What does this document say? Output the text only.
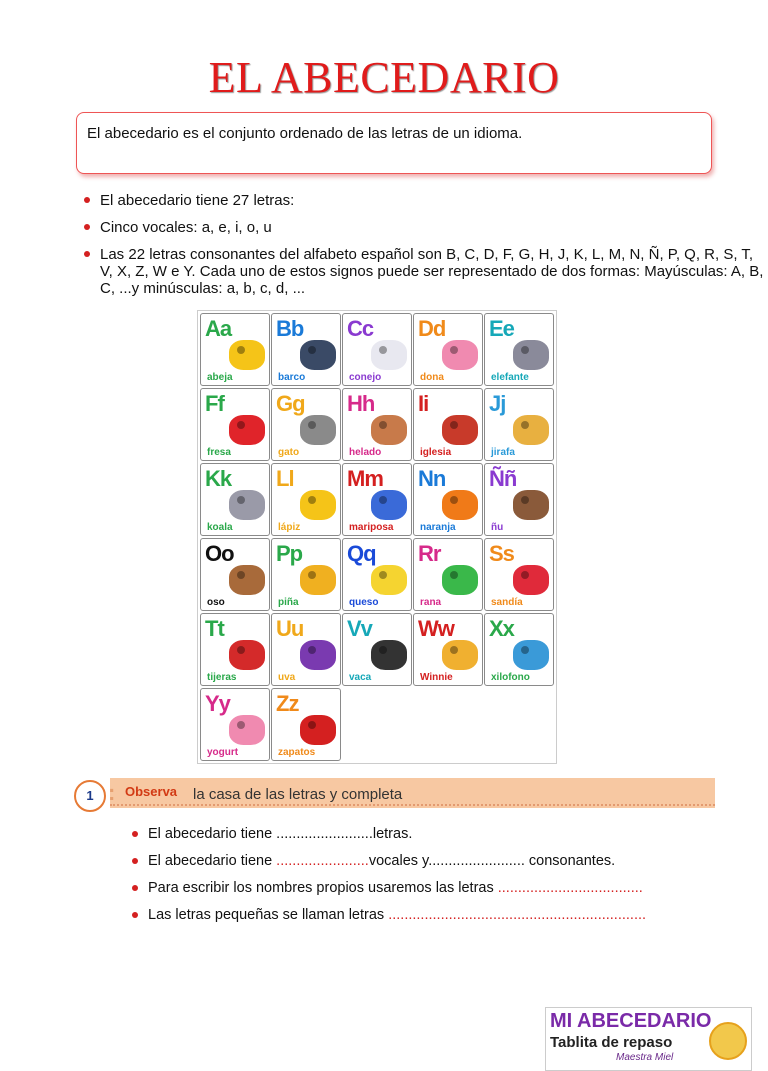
EL ABECEDARIO
El abecedario es el conjunto ordenado de las letras de un idioma.
El abecedario tiene 27 letras:
Cinco vocales: a, e, i, o, u
Las 22 letras consonantes del alfabeto español son B, C, D, F, G, H, J, K, L, M, N, Ñ, P, Q, R, S, T, V, X, Z, W e Y. Cada uno de estos signos puede ser representado de dos formas: Mayúsculas: A, B, C, ...y minúsculas: a, b, c, d, ...
MI ABECEDARIO
Tablita de repaso
Maestra Miel
Aa
abeja
Bb
barco
Cc
conejo
Dd
dona
Ee
elefante
Ff
fresa
Gg
gato
Hh
helado
Ii
iglesia
Jj
jirafa
Kk
koala
Ll
lápiz
Mm
mariposa
Nn
naranja
Ññ
ñu
Oo
oso
Pp
piña
Qq
queso
Rr
rana
Ss
sandía
Tt
tijeras
Uu
uva
Vv
vaca
Ww
Winnie
Xx
xilofono
Yy
yogurt
Zz
zapatos
1 : Observa la casa de las letras y completa
El abecedario tiene ........................letras.
El abecedario tiene .......................vocales y........................ consonantes.
Para escribir los nombres propios usaremos las letras ....................................
Las letras pequeñas se llaman letras ................................................................
